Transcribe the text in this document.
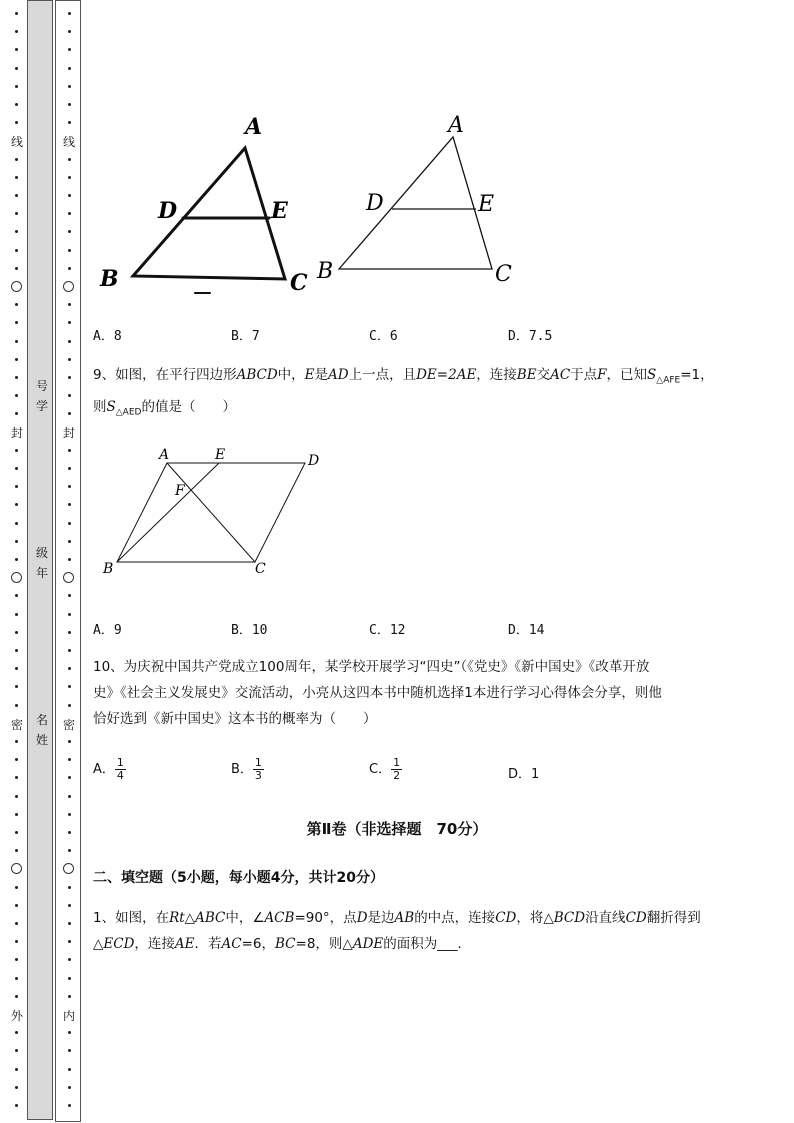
线
封
密
外
线
封
密
内
号
学
级
年
名
姓
A
D	E
B	C
A
D	E
B	C
A．8	B．7	C．6	D．7.5
9、如图，在平行四边形ABCD中，E是AD上一点，且DE=2AE，连接BE交AC于点F，已知$S_{\triangle AFE}=1$，
则$S_{\triangle AED}$的值是（　　）
A	E	D
F
B	C
A．9	B．10	C．12	D．14
10、为庆祝中国共产党成立100周年，某学校开展学习“四史”（《党史》《新中国史》《改革开放
史》《社会主义发展史》交流活动，小亮从这四本书中随机选择1本进行学习心得体会分享，则他
恰好选到《新中国史》这本书的概率为（　　）
A． $\frac{1}{4}$	B． $\frac{1}{3}$	C． $\frac{1}{2}$	D．1
第Ⅱ卷（非选择题　70分）
二、填空题（5小题，每小题4分，共计20分）
1、如图，在Rt△ABC中，∠ACB=90°，点D是边AB的中点，连接CD，将△BCD沿直线CD翻折得到
△ECD，连接AE．若AC=6，BC=8，则△ADE的面积为___．
